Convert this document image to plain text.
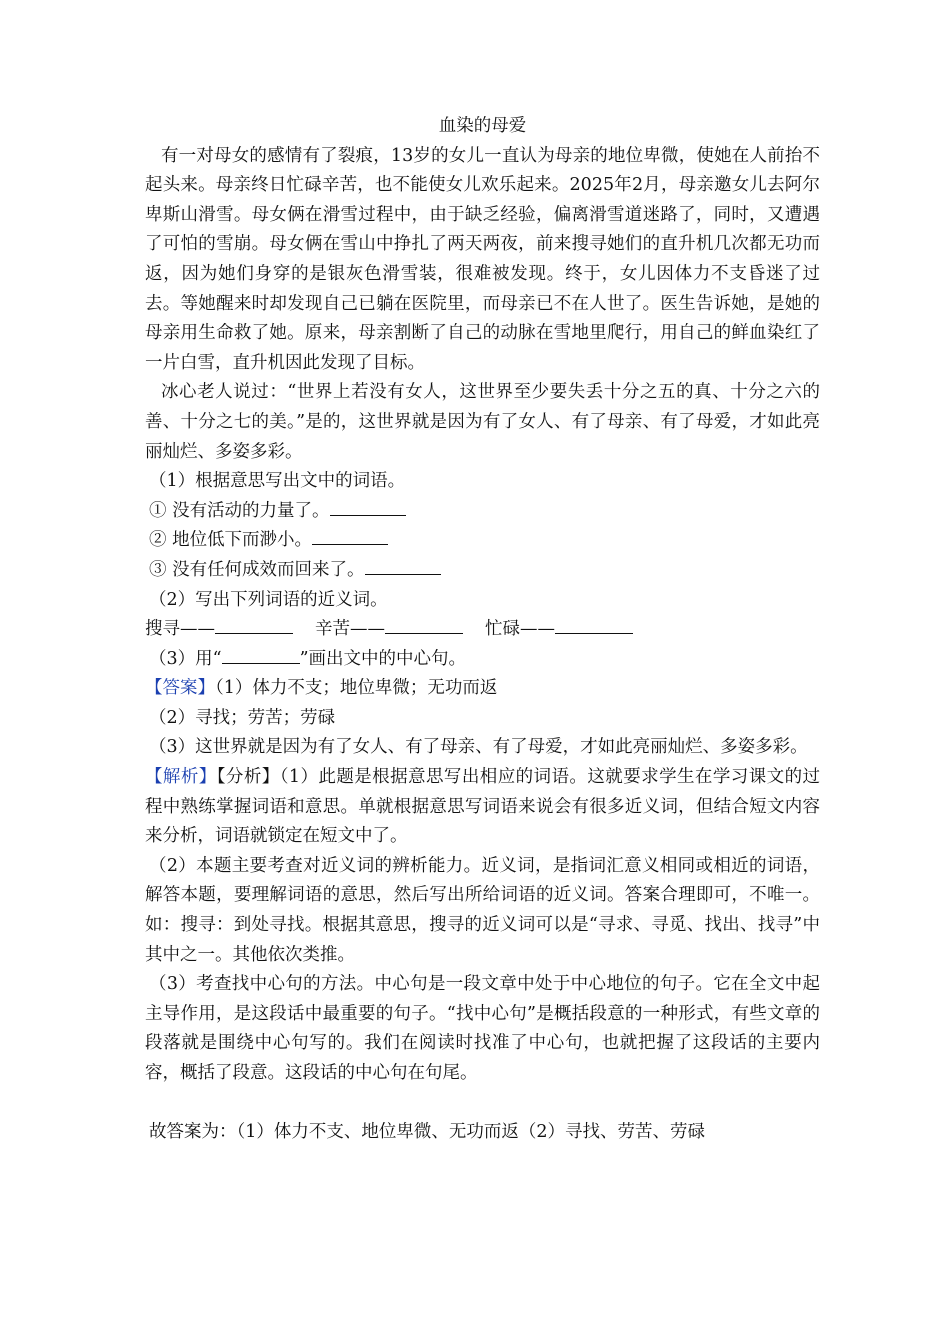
血染的母爱

有一对母女的感情有了裂痕，13岁的女儿一直认为母亲的地位卑微，使她在人前抬不起头来。母亲终日忙碌辛苦，也不能使女儿欢乐起来。2025年2月，母亲邀女儿去阿尔卑斯山滑雪。母女俩在滑雪过程中，由于缺乏经验，偏离滑雪道迷路了，同时，又遭遇了可怕的雪崩。母女俩在雪山中挣扎了两天两夜，前来搜寻她们的直升机几次都无功而返，因为她们身穿的是银灰色滑雪装，很难被发现。终于，女儿因体力不支昏迷了过去。等她醒来时却发现自己已躺在医院里，而母亲已不在人世了。医生告诉她，是她的母亲用生命救了她。原来，母亲割断了自己的动脉在雪地里爬行，用自己的鲜血染红了一片白雪，直升机因此发现了目标。

冰心老人说过：“世界上若没有女人，这世界至少要失丢十分之五的真、十分之六的善、十分之七的美。”是的，这世界就是因为有了女人、有了母亲、有了母爱，才如此亮丽灿烂、多姿多彩。

（1）根据意思写出文中的词语。

① 没有活动的力量了。

② 地位低下而渺小。

③ 没有任何成效而回来了。

（2）写出下列词语的近义词。

搜寻——	辛苦——	忙碌——

（3）用“	”画出文中的中心句。

【答案】（1）体力不支；地位卑微；无功而返

（2）寻找；劳苦；劳碌

（3）这世界就是因为有了女人、有了母亲、有了母爱，才如此亮丽灿烂、多姿多彩。

【解析】【分析】（1）此题是根据意思写出相应的词语。这就要求学生在学习课文的过程中熟练掌握词语和意思。单就根据意思写词语来说会有很多近义词，但结合短文内容来分析，词语就锁定在短文中了。

（2）本题主要考查对近义词的辨析能力。近义词，是指词汇意义相同或相近的词语，解答本题，要理解词语的意思，然后写出所给词语的近义词。答案合理即可，不唯一。如：搜寻：到处寻找。根据其意思，搜寻的近义词可以是“寻求、寻觅、找出、找寻”中其中之一。其他依次类推。

（3）考查找中心句的方法。中心句是一段文章中处于中心地位的句子。它在全文中起主导作用，是这段话中最重要的句子。“找中心句”是概括段意的一种形式，有些文章的段落就是围绕中心句写的。我们在阅读时找准了中心句，也就把握了这段话的主要内容，概括了段意。这段话的中心句在句尾。

故答案为：（1）体力不支、地位卑微、无功而返（2）寻找、劳苦、劳碌
